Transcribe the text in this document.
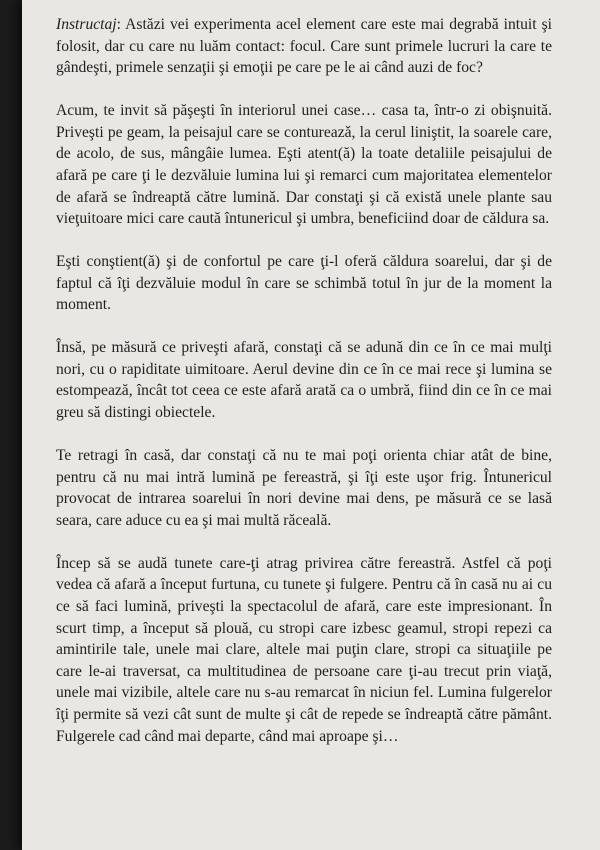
Instructaj: Astăzi vei experimenta acel element care este mai degrabă intuit şi folosit, dar cu care nu luăm contact: focul. Care sunt primele lucruri la care te gândeşti, primele senzaţii şi emoţii pe care pe le ai când auzi de foc?

Acum, te invit să păşeşti în interiorul unei case… casa ta, într-o zi obişnuită. Priveşti pe geam, la peisajul care se contureazǎ, la cerul liniştit, la soarele care, de acolo, de sus, mângâie lumea. Eşti atent(ă) la toate detaliile peisajului de afară pe care ţi le dezvăluie lumina lui şi remarci cum majoritatea elementelor de afară se îndreaptă către lumină. Dar constaţi şi că există unele plante sau vieţuitoare mici care caută întunericul şi umbra, beneficiind doar de căldura sa.

Eşti conştient(ă) şi de confortul pe care ţi-l oferă căldura soarelui, dar şi de faptul că îţi dezvăluie modul în care se schimbă totul în jur de la moment la moment.

Însă, pe măsură ce priveşti afară, constaţi că se adună din ce în ce mai mulţi nori, cu o rapiditate uimitoare. Aerul devine din ce în ce mai rece şi lumina se estompează, încât tot ceea ce este afară arată ca o umbră, fiind din ce în ce mai greu să distingi obiectele.

Te retragi în casă, dar constaţi că nu te mai poţi orienta chiar atât de bine, pentru că nu mai intră lumină pe fereastră, şi îţi este uşor frig. Întunericul provocat de intrarea soarelui în nori devine mai dens, pe măsură ce se lasă seara, care aduce cu ea şi mai multă răceală.

Încep să se audă tunete care-ţi atrag privirea către fereastră. Astfel că poţi vedea că afară a început furtuna, cu tunete şi fulgere. Pentru că în casă nu ai cu ce să faci lumină, priveşti la spectacolul de afară, care este impresionant. În scurt timp, a început să plouă, cu stropi care izbesc geamul, stropi repezi ca amintirile tale, unele mai clare, altele mai puţin clare, stropi ca situaţiile pe care le-ai traversat, ca multitudinea de persoane care ţi-au trecut prin viaţă, unele mai vizibile, altele care nu s-au remarcat în niciun fel. Lumina fulgerelor îţi permite să vezi cât sunt de multe şi cât de repede se îndreaptă către pământ. Fulgerele cad când mai departe, când mai aproape şi…
